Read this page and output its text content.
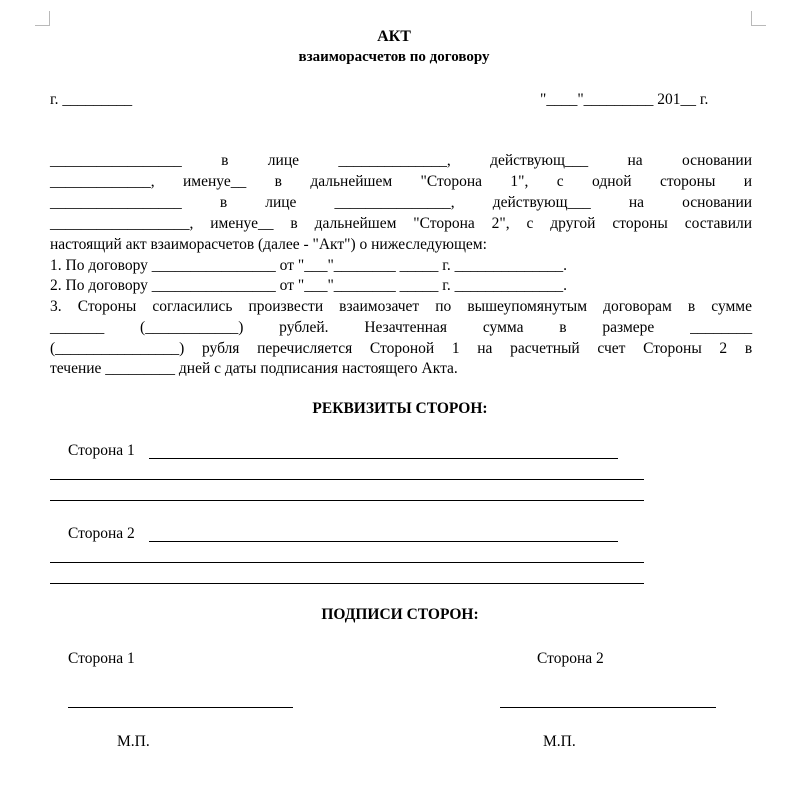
АКТ
взаиморасчетов по договору
г. _________	"____"_________ 201__ г.
_________________	в	лице	______________,	действующ___	на	основании
_____________, именуе__ в дальнейшем "Сторона 1", с одной стороны и
_________________ в лице _______________, действующ___ на основании
__________________, именуе__ в дальнейшем "Сторона 2", с другой стороны составили
настоящий акт взаиморасчетов (далее - "Акт") о нижеследующем:
1. По договору ________________ от "___"________ _____ г. ______________.
2. По договору ________________ от "___"________ _____ г. ______________.
3. Стороны согласились произвести взаимозачет по вышеупомянутым договорам в сумме
_______ (____________) рублей. Незачтенная сумма в размере ________
(________________) рубля перечисляется Стороной 1 на расчетный счет Стороны 2 в
течение _________ дней с даты подписания настоящего Акта.
РЕКВИЗИТЫ СТОРОН:
Сторона 1
Сторона 2
ПОДПИСИ СТОРОН:
Сторона 1	Сторона 2
М.П.	М.П.
